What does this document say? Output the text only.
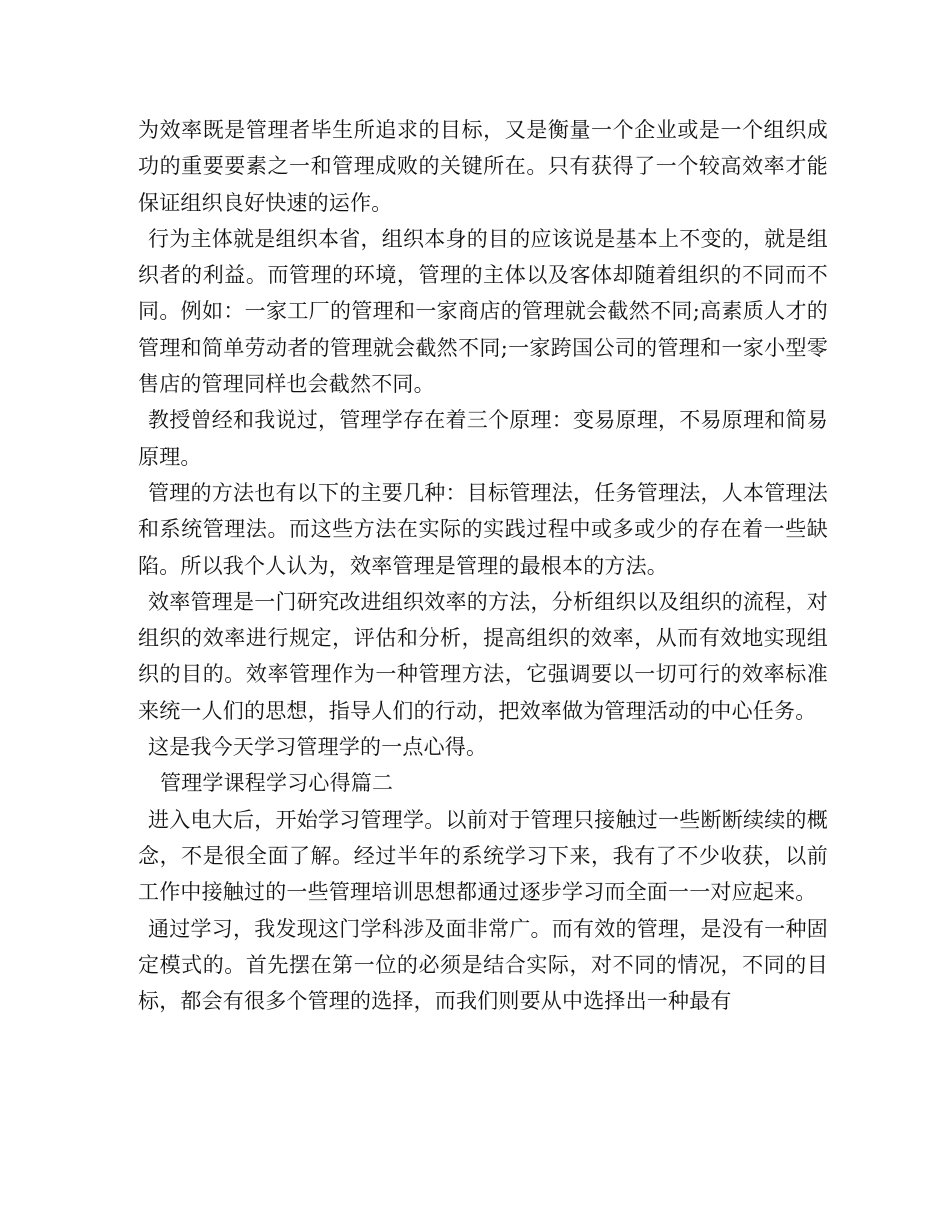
为效率既是管理者毕生所追求的目标，又是衡量一个企业或是一个组织成功的重要要素之一和管理成败的关键所在。只有获得了一个较高效率才能保证组织良好快速的运作。

行为主体就是组织本省，组织本身的目的应该说是基本上不变的，就是组织者的利益。而管理的环境，管理的主体以及客体却随着组织的不同而不同。例如：一家工厂的管理和一家商店的管理就会截然不同;高素质人才的管理和简单劳动者的管理就会截然不同;一家跨国公司的管理和一家小型零售店的管理同样也会截然不同。

教授曾经和我说过，管理学存在着三个原理：变易原理，不易原理和简易原理。

管理的方法也有以下的主要几种：目标管理法，任务管理法，人本管理法和系统管理法。而这些方法在实际的实践过程中或多或少的存在着一些缺陷。所以我个人认为，效率管理是管理的最根本的方法。

效率管理是一门研究改进组织效率的方法，分析组织以及组织的流程，对组织的效率进行规定，评估和分析，提高组织的效率，从而有效地实现组织的目的。效率管理作为一种管理方法，它强调要以一切可行的效率标准来统一人们的思想，指导人们的行动，把效率做为管理活动的中心任务。

这是我今天学习管理学的一点心得。

管理学课程学习心得篇二

进入电大后，开始学习管理学。以前对于管理只接触过一些断断续续的概念，不是很全面了解。经过半年的系统学习下来，我有了不少收获，以前工作中接触过的一些管理培训思想都通过逐步学习而全面一一对应起来。

通过学习，我发现这门学科涉及面非常广。而有效的管理，是没有一种固定模式的。首先摆在第一位的必须是结合实际，对不同的情况，不同的目标，都会有很多个管理的选择，而我们则要从中选择出一种最有
